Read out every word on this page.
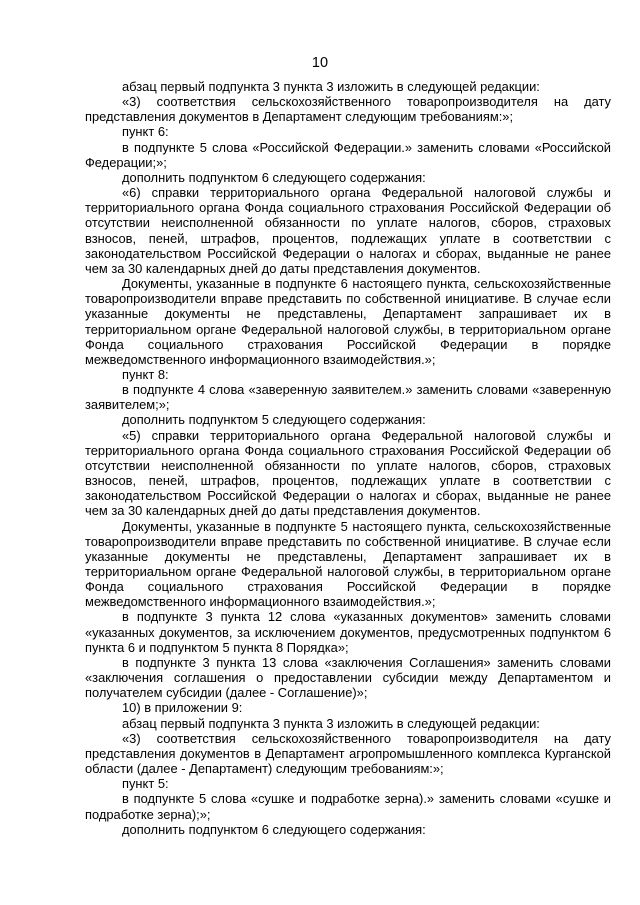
10

абзац первый подпункта 3 пункта 3 изложить в следующей редакции:

«3) соответствия сельскохозяйственного товаропроизводителя на дату представления документов в Департамент следующим требованиям:»;

пункт 6:

в подпункте 5 слова «Российской Федерации.» заменить словами «Российской Федерации;»;

дополнить подпунктом 6 следующего содержания:

«6) справки территориального органа Федеральной налоговой службы и территориального органа Фонда социального страхования Российской Федерации об отсутствии неисполненной обязанности по уплате налогов, сборов, страховых взносов, пеней, штрафов, процентов, подлежащих уплате в соответствии с законодательством Российской Федерации о налогах и сборах, выданные не ранее чем за 30 календарных дней до даты представления документов.

Документы, указанные в подпункте 6 настоящего пункта, сельскохозяйственные товаропроизводители вправе представить по собственной инициативе. В случае если указанные документы не представлены, Департамент запрашивает их в территориальном органе Федеральной налоговой службы, в территориальном органе Фонда социального страхования Российской Федерации в порядке межведомственного информационного взаимодействия.»;

пункт 8:

в подпункте 4 слова «заверенную заявителем.» заменить словами «заверенную заявителем;»;

дополнить подпунктом 5 следующего содержания:

«5) справки территориального органа Федеральной налоговой службы и территориального органа Фонда социального страхования Российской Федерации об отсутствии неисполненной обязанности по уплате налогов, сборов, страховых взносов, пеней, штрафов, процентов, подлежащих уплате в соответствии с законодательством Российской Федерации о налогах и сборах, выданные не ранее чем за 30 календарных дней до даты представления документов.

Документы, указанные в подпункте 5 настоящего пункта, сельскохозяйственные товаропроизводители вправе представить по собственной инициативе. В случае если указанные документы не представлены, Департамент запрашивает их в территориальном органе Федеральной налоговой службы, в территориальном органе Фонда социального страхования Российской Федерации в порядке межведомственного информационного взаимодействия.»;

в подпункте 3 пункта 12 слова «указанных документов» заменить словами «указанных документов, за исключением документов, предусмотренных подпунктом 6 пункта 6 и подпунктом 5 пункта 8 Порядка»;

в подпункте 3 пункта 13 слова «заключения Соглашения» заменить словами «заключения соглашения о предоставлении субсидии между Департаментом и получателем субсидии (далее - Соглашение)»;

10) в приложении 9:

абзац первый подпункта 3 пункта 3 изложить в следующей редакции:

«3) соответствия сельскохозяйственного товаропроизводителя на дату представления документов в Департамент агропромышленного комплекса Курганской области (далее - Департамент) следующим требованиям:»;

пункт 5:

в подпункте 5 слова «сушке и подработке зерна).» заменить словами «сушке и подработке зерна);»;

дополнить подпунктом 6 следующего содержания:
